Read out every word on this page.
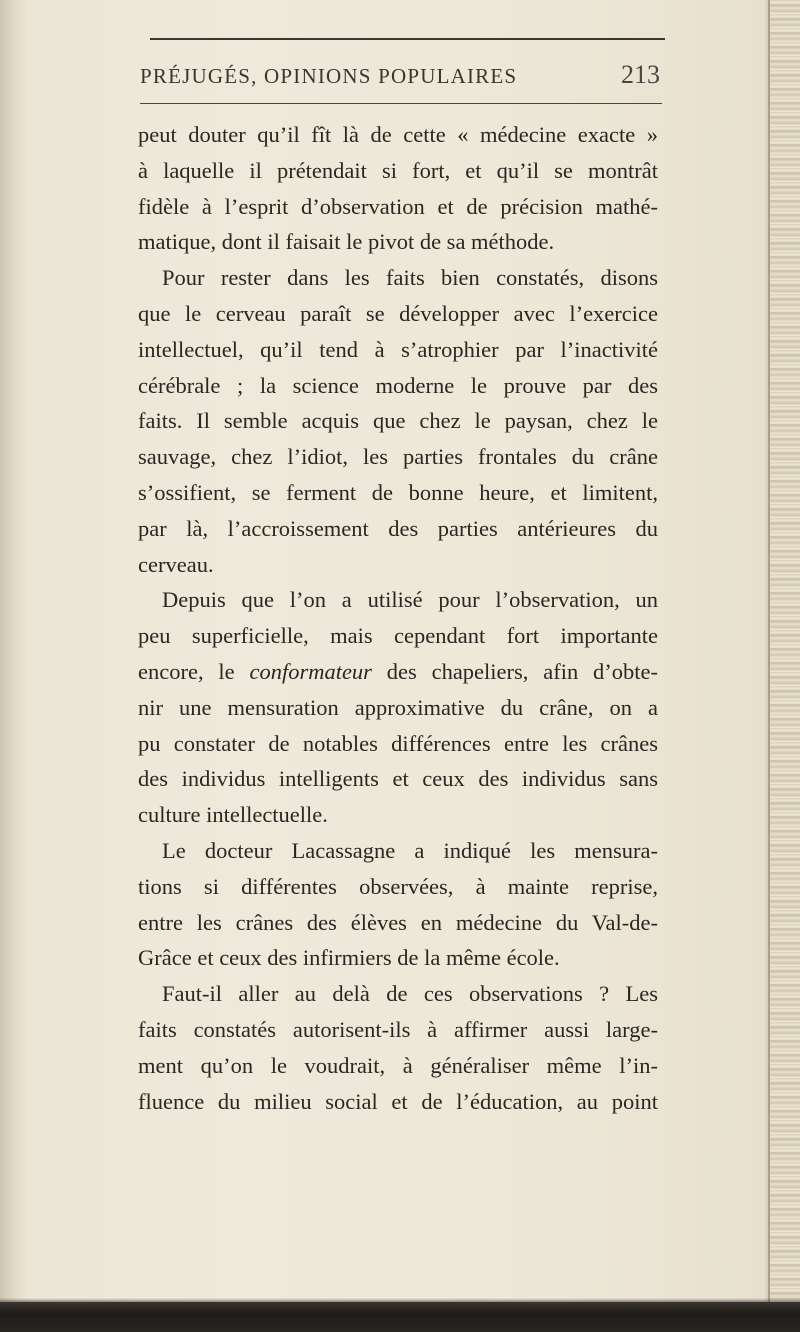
PRÉJUGÉS, OPINIONS POPULAIRES	213
peut douter qu’il fît là de cette « médecine exacte »
à laquelle il prétendait si fort, et qu’il se montrât
fidèle à l’esprit d’observation et de précision mathé-
matique, dont il faisait le pivot de sa méthode.
Pour rester dans les faits bien constatés, disons
que le cerveau paraît se développer avec l’exercice
intellectuel, qu’il tend à s’atrophier par l’inactivité
cérébrale ; la science moderne le prouve par des
faits. Il semble acquis que chez le paysan, chez le
sauvage, chez l’idiot, les parties frontales du crâne
s’ossifient, se ferment de bonne heure, et limitent,
par là, l’accroissement des parties antérieures du
cerveau.
Depuis que l’on a utilisé pour l’observation, un
peu superficielle, mais cependant fort importante
encore, le conformateur des chapeliers, afin d’obte-
nir une mensuration approximative du crâne, on a
pu constater de notables différences entre les crânes
des individus intelligents et ceux des individus sans
culture intellectuelle.
Le docteur Lacassagne a indiqué les mensura-
tions si différentes observées, à mainte reprise,
entre les crânes des élèves en médecine du Val-de-
Grâce et ceux des infirmiers de la même école.
Faut-il aller au delà de ces observations ? Les
faits constatés autorisent-ils à affirmer aussi large-
ment qu’on le voudrait, à généraliser même l’in-
fluence du milieu social et de l’éducation, au point
